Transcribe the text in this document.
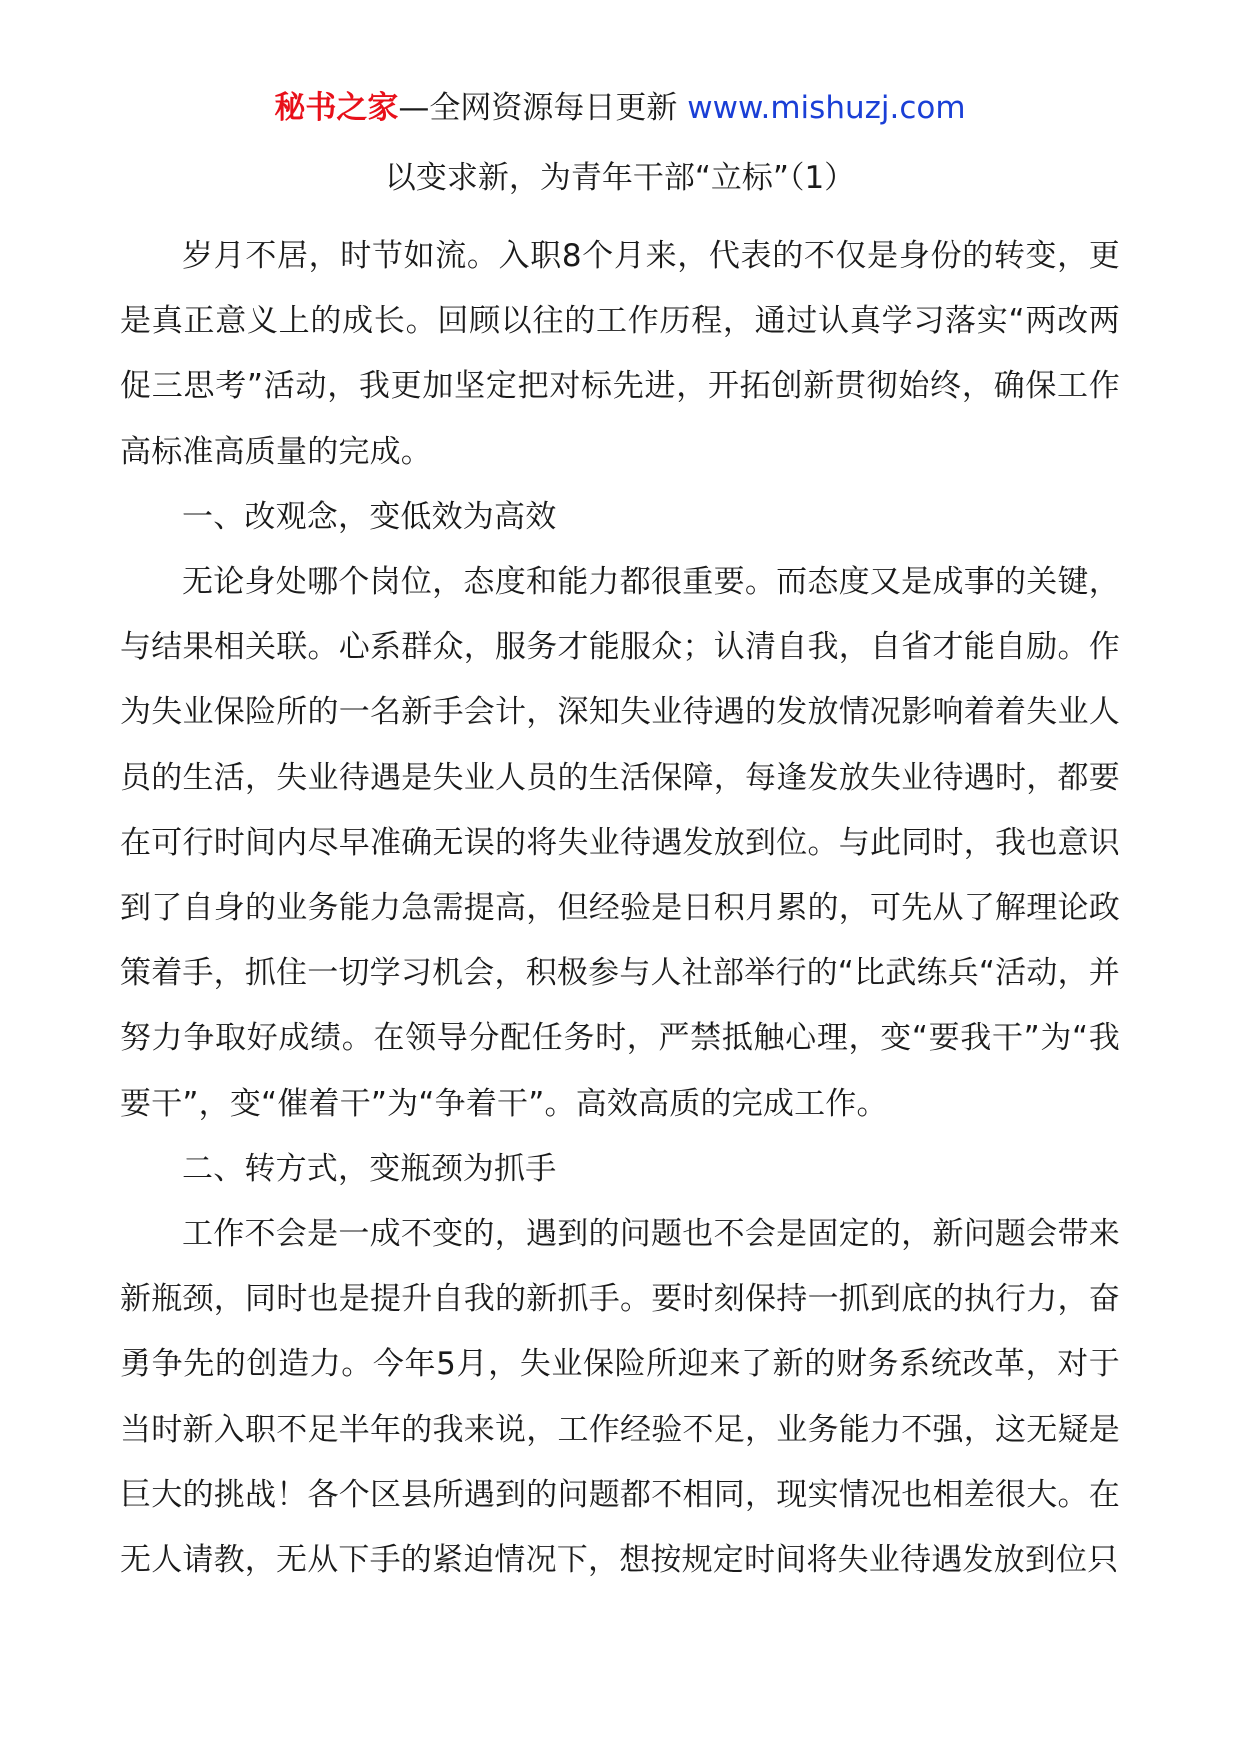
秘书之家—全网资源每日更新 www.mishuzj.com
以变求新，为青年干部“立标”（1）

岁月不居，时节如流。入职8个月来，代表的不仅是身份的转变，更是真正意义上的成长。回顾以往的工作历程，通过认真学习落实“两改两促三思考”活动，我更加坚定把对标先进，开拓创新贯彻始终，确保工作高标准高质量的完成。

一、改观念，变低效为高效

无论身处哪个岗位，态度和能力都很重要。而态度又是成事的关键，与结果相关联。心系群众，服务才能服众；认清自我，自省才能自励。作为失业保险所的一名新手会计，深知失业待遇的发放情况影响着着失业人员的生活，失业待遇是失业人员的生活保障，每逢发放失业待遇时，都要在可行时间内尽早准确无误的将失业待遇发放到位。与此同时，我也意识到了自身的业务能力急需提高，但经验是日积月累的，可先从了解理论政策着手，抓住一切学习机会，积极参与人社部举行的“比武练兵“活动，并努力争取好成绩。在领导分配任务时，严禁抵触心理，变“要我干”为“我要干”，变“催着干”为“争着干”。高效高质的完成工作。

二、转方式，变瓶颈为抓手

工作不会是一成不变的，遇到的问题也不会是固定的，新问题会带来新瓶颈，同时也是提升自我的新抓手。要时刻保持一抓到底的执行力，奋勇争先的创造力。今年5月，失业保险所迎来了新的财务系统改革，对于当时新入职不足半年的我来说，工作经验不足，业务能力不强，这无疑是巨大的挑战！各个区县所遇到的问题都不相同，现实情况也相差很大。在无人请教，无从下手的紧迫情况下，想按规定时间将失业待遇发放到位只
